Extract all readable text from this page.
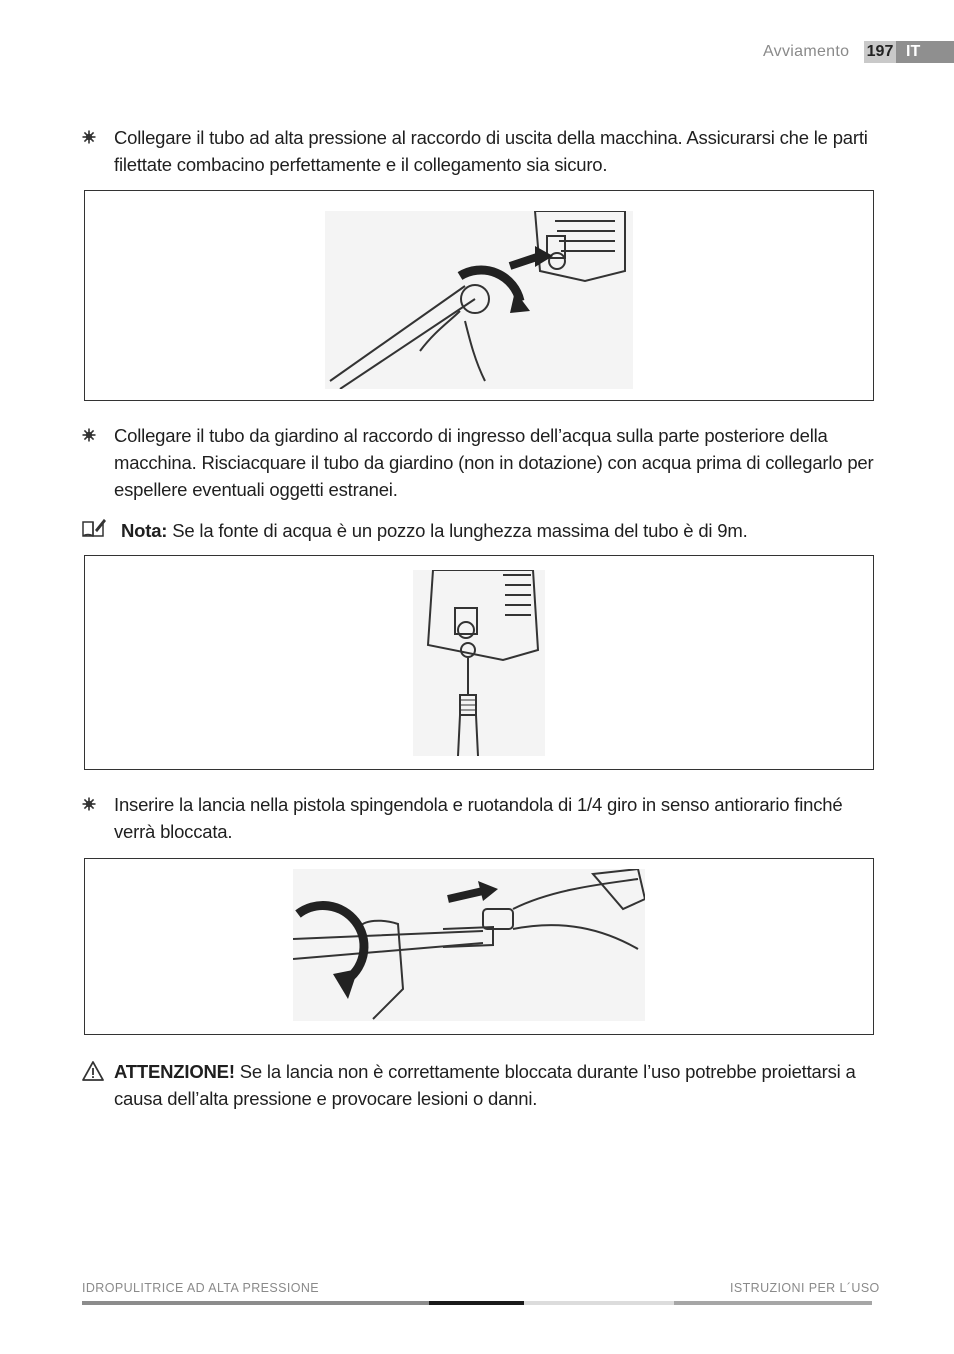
Avviamento 197 IT
Collegare il tubo ad alta pressione al raccordo di uscita della macchina. Assicurarsi che le parti filettate combacino perfettamente e il collegamento sia sicuro.
Collegare il tubo da giardino al raccordo di ingresso dell’acqua sulla parte posteriore della macchina. Risciacquare il tubo da giardino (non in dotazione) con acqua prima di collegarlo per espellere eventuali oggetti estranei.
Nota: Se la fonte di acqua è un pozzo la lunghezza massima del tubo è di 9m.
Inserire la lancia nella pistola spingendola e ruotandola di 1/4 giro in senso antiorario finché verrà bloccata.
ATTENZIONE! Se la lancia non è correttamente bloccata durante l’uso potrebbe proiettarsi a causa dell’alta pressione e provocare lesioni o danni.
IDROPULITRICE AD ALTA PRESSIONE	ISTRUZIONI PER L´USO
